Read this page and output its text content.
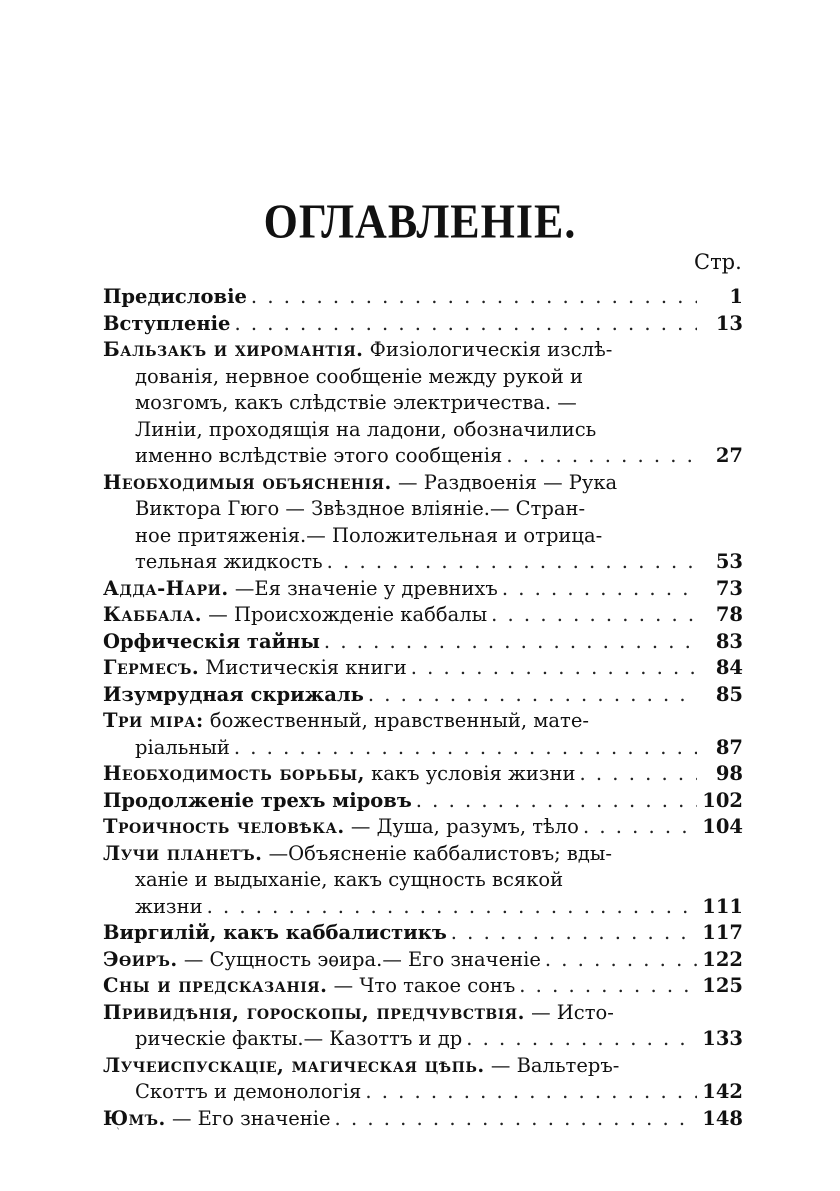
ОГЛАВЛЕНІЕ.
Стр.
Предисловіе . . .	1
Вступленіе . . .	13
Бальзакъ и хиромантія. Физіологическія изслѣ-
дованія, нервное сообщеніе между рукой и
мозгомъ, какъ слѣдствіе электричества. —
Линіи, проходящія на ладони, обозначились
именно вслѣдствіе этого сообщенія . . .	27
Необходимыя объясненія. — Раздвоенія — Рука
Виктора Гюго — Звѣздное вліяніе.— Стран-
ное притяженія.— Положительная и отрица-
тельная жидкость . . .	53
Адда-Нари. —Ея значеніе у древнихъ . . .	73
Каббала. — Происхожденіе каббалы . . .	78
Орфическія тайны . . .	83
Гермесъ. Мистическія книги . . .	84
Изумрудная скрижаль . . .	85
Три міра: божественный, нравственный, мате-
ріальный . . .	87
Необходимость борьбы, какъ условія жизни . . .	98
Продолженіе трехъ міровъ . . .	102
Троичность человѣка. — Душа, разумъ, тѣло . . .	104
Лучи планетъ. —Объясненіе каббалистовъ; вды-
ханіе и выдыханіе, какъ сущность всякой
жизни . . .	111
Виргилій, какъ каббалистикъ . . .	117
Эѳиръ. — Сущность эѳира.— Его значеніе . . .	122
Сны и предсказанія. — Что такое сонъ . . .	125
Привидѣнія, гороскопы, предчувствія. — Исто-
рическіе факты.— Казоттъ и др . . .	133
Лучеиспускаціе, магическая цѣпь. — Вальтеръ-
Скоттъ и демонологія . . .	142
Юмъ. — Его значеніе . . .	148
`
